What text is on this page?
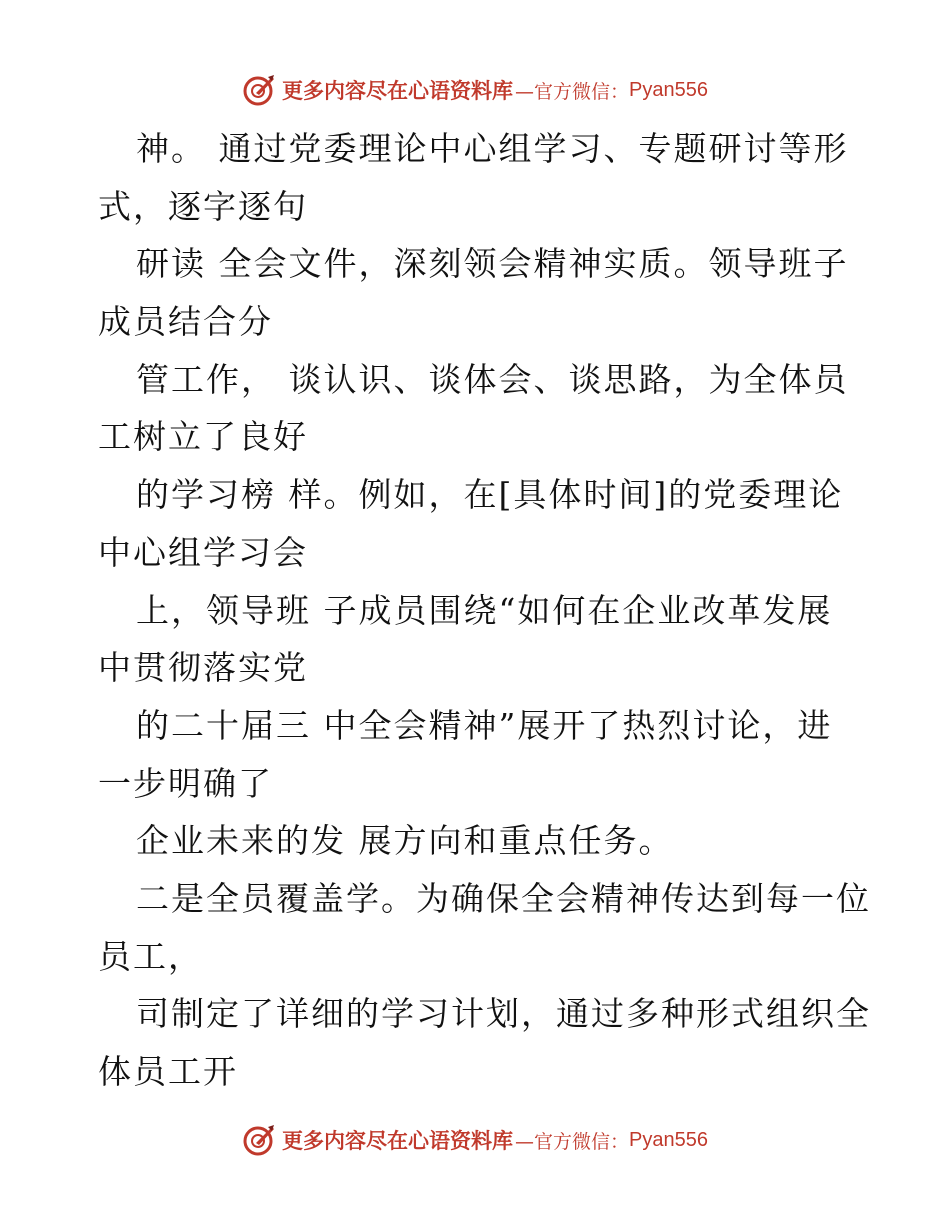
更多内容尽在心语资料库 —官方微信： Pyan556
神。 通过党委理论中心组学习、专题研讨等形
式，逐字逐句
研读 全会文件，深刻领会精神实质。领导班子
成员结合分
管工作， 谈认识、谈体会、谈思路，为全体员
工树立了良好
的学习榜 样。例如，在[具体时间]的党委理论
中心组学习会
上，领导班 子成员围绕“如何在企业改革发展
中贯彻落实党
的二十届三 中全会精神”展开了热烈讨论，进
一步明确了
企业未来的发 展方向和重点任务。
二是全员覆盖学。为确保全会精神传达到每一位
员工，
司制定了详细的学习计划，通过多种形式组织全
体员工开
更多内容尽在心语资料库 —官方微信： Pyan556
